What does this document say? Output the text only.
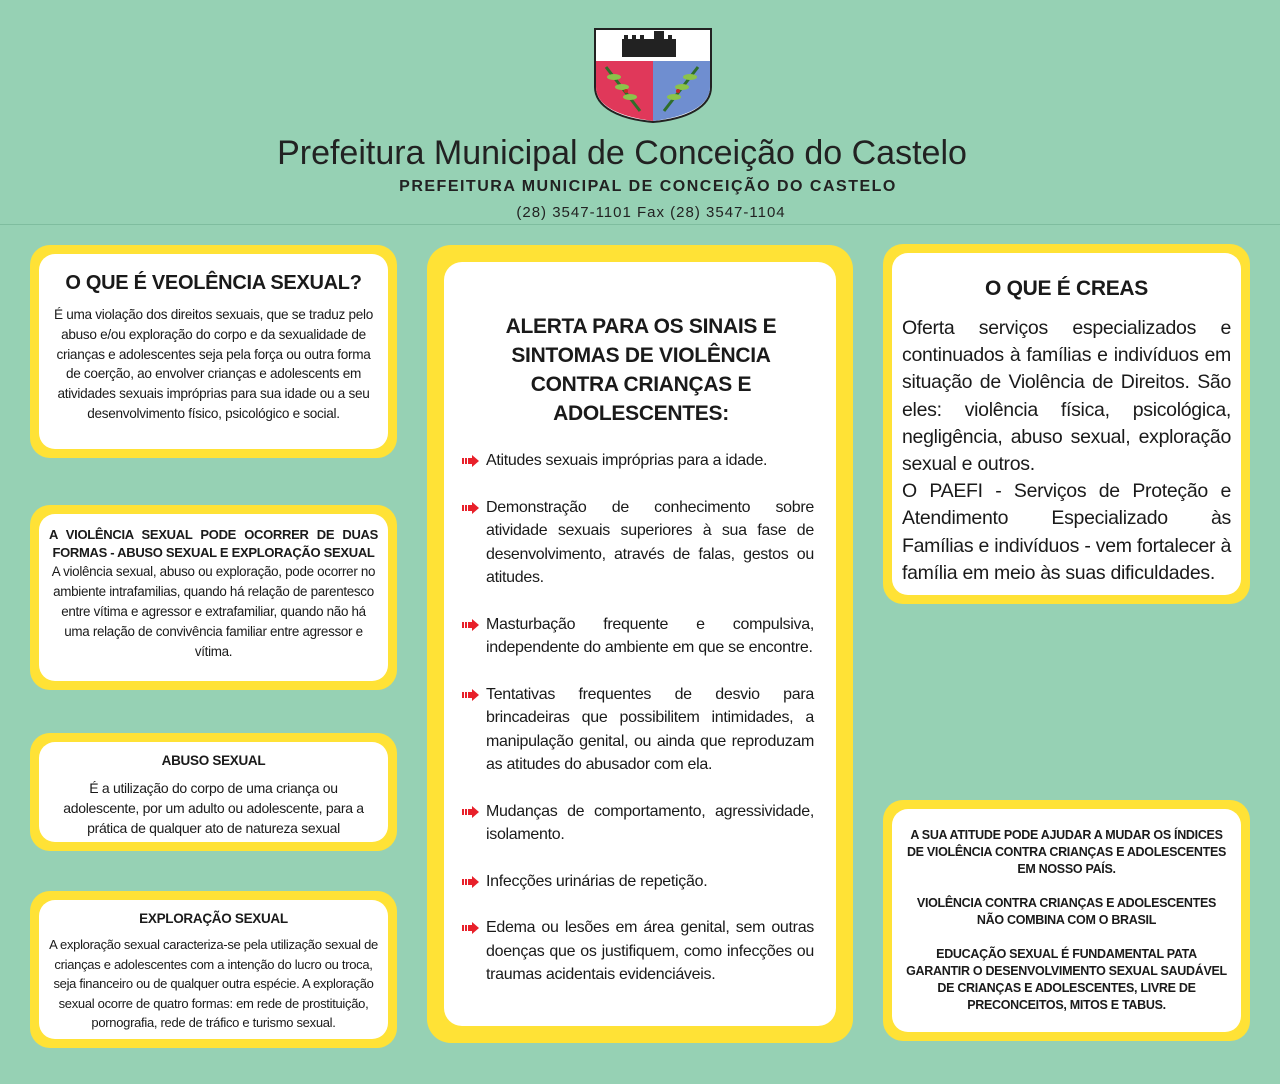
Prefeitura Municipal de Conceição do Castelo
PREFEITURA MUNICIPAL DE CONCEIÇÃO DO CASTELO
(28) 3547-1101 Fax (28) 3547-1104
O QUE É VEOLÊNCIA SEXUAL?
É uma violação dos direitos sexuais, que se traduz pelo abuso e/ou exploração do corpo e da sexualidade de crianças e adolescentes seja pela força ou outra forma de coerção, ao envolver crianças e adolescents em atividades sexuais impróprias para sua idade ou a seu desenvolvimento físico, psicológico e social.
A VIOLÊNCIA SEXUAL PODE OCORRER DE DUAS FORMAS - ABUSO SEXUAL E EXPLORAÇÃO SEXUAL
A violência sexual, abuso ou exploração, pode ocorrer no ambiente intrafamilias, quando há relação de parentesco entre vítima e agressor e extrafamiliar, quando não há uma relação de convivência familiar entre agressor e vítima.
ABUSO SEXUAL
É a utilização do corpo de uma criança ou adolescente, por um adulto ou adolescente, para a prática de qualquer ato de natureza sexual
EXPLORAÇÃO SEXUAL
A exploração sexual caracteriza-se pela utilização sexual de crianças e adolescentes com a intenção do lucro ou troca, seja financeiro ou de qualquer outra espécie. A exploração sexual ocorre de quatro formas: em rede de prostituição, pornografia, rede de tráfico e turismo sexual.
ALERTA PARA OS SINAIS E SINTOMAS DE VIOLÊNCIA CONTRA CRIANÇAS E ADOLESCENTES:
Atitudes sexuais impróprias para a idade.
Demonstração de conhecimento sobre atividade sexuais superiores à sua fase de desenvolvimento, através de falas, gestos ou atitudes.
Masturbação frequente e compulsiva, independente do ambiente em que se encontre.
Tentativas frequentes de desvio para brincadeiras que possibilitem intimidades, a manipulação genital, ou ainda que reproduzam as atitudes do abusador com ela.
Mudanças de comportamento, agressividade, isolamento.
Infecções urinárias de repetição.
Edema ou lesões em área genital, sem outras doenças que os justifiquem, como infecções ou traumas acidentais evidenciáveis.
O QUE É CREAS
Oferta serviços especializados e continuados à famílias e indivíduos em situação de Violência de Direitos. São eles: violência física, psicológica, negligência, abuso sexual, exploração sexual e outros.
O PAEFI - Serviços de Proteção e Atendimento Especializado às Famílias e indivíduos - vem fortalecer à família em meio às suas dificuldades.
A SUA ATITUDE PODE AJUDAR A MUDAR OS ÍNDICES DE VIOLÊNCIA CONTRA CRIANÇAS E ADOLESCENTES EM NOSSO PAÍS.
VIOLÊNCIA CONTRA CRIANÇAS E ADOLESCENTES NÃO COMBINA COM O BRASIL
EDUCAÇÃO SEXUAL É FUNDAMENTAL PATA GARANTIR O DESENVOLVIMENTO SEXUAL SAUDÁVEL DE CRIANÇAS E ADOLESCENTES, LIVRE DE PRECONCEITOS, MITOS E TABUS.
